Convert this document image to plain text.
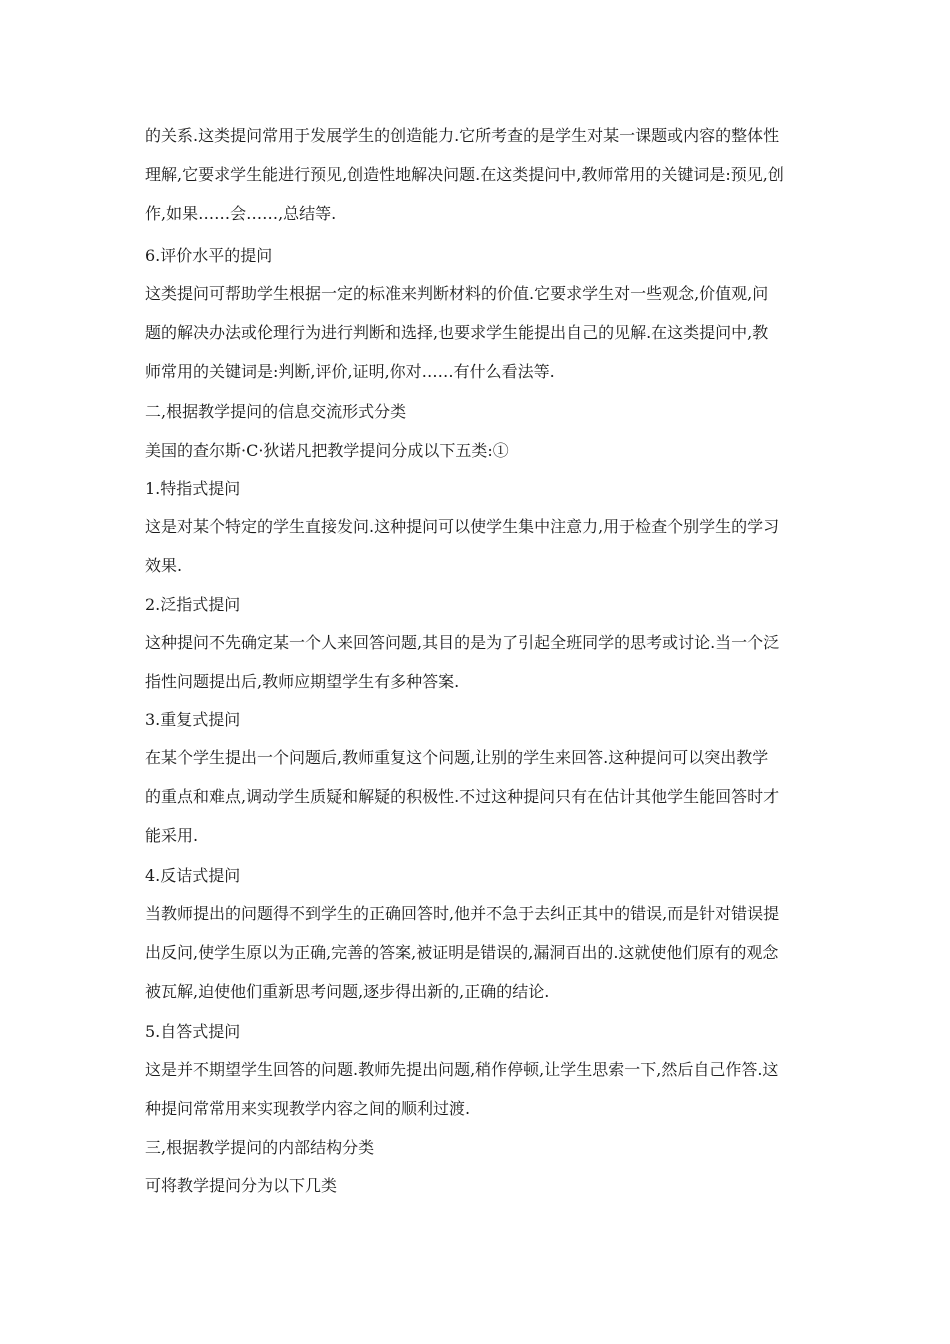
的关系.这类提问常用于发展学生的创造能力.它所考查的是学生对某一课题或内容的整体性
理解,它要求学生能进行预见,创造性地解决问题.在这类提问中,教师常用的关键词是:预见,创
作,如果……会……,总结等.
6.评价水平的提问
这类提问可帮助学生根据一定的标准来判断材料的价值.它要求学生对一些观念,价值观,问
题的解决办法或伦理行为进行判断和选择,也要求学生能提出自己的见解.在这类提问中,教
师常用的关键词是:判断,评价,证明,你对……有什么看法等.
二,根据教学提问的信息交流形式分类
美国的查尔斯·C·狄诺凡把教学提问分成以下五类:①
1.特指式提问
这是对某个特定的学生直接发问.这种提问可以使学生集中注意力,用于检查个别学生的学习
效果.
2.泛指式提问
这种提问不先确定某一个人来回答问题,其目的是为了引起全班同学的思考或讨论.当一个泛
指性问题提出后,教师应期望学生有多种答案.
3.重复式提问
在某个学生提出一个问题后,教师重复这个问题,让别的学生来回答.这种提问可以突出教学
的重点和难点,调动学生质疑和解疑的积极性.不过这种提问只有在估计其他学生能回答时才
能采用.
4.反诘式提问
当教师提出的问题得不到学生的正确回答时,他并不急于去纠正其中的错误,而是针对错误提
出反问,使学生原以为正确,完善的答案,被证明是错误的,漏洞百出的.这就使他们原有的观念
被瓦解,迫使他们重新思考问题,逐步得出新的,正确的结论.
5.自答式提问
这是并不期望学生回答的问题.教师先提出问题,稍作停顿,让学生思索一下,然后自己作答.这
种提问常常用来实现教学内容之间的顺利过渡.
三,根据教学提问的内部结构分类
可将教学提问分为以下几类
